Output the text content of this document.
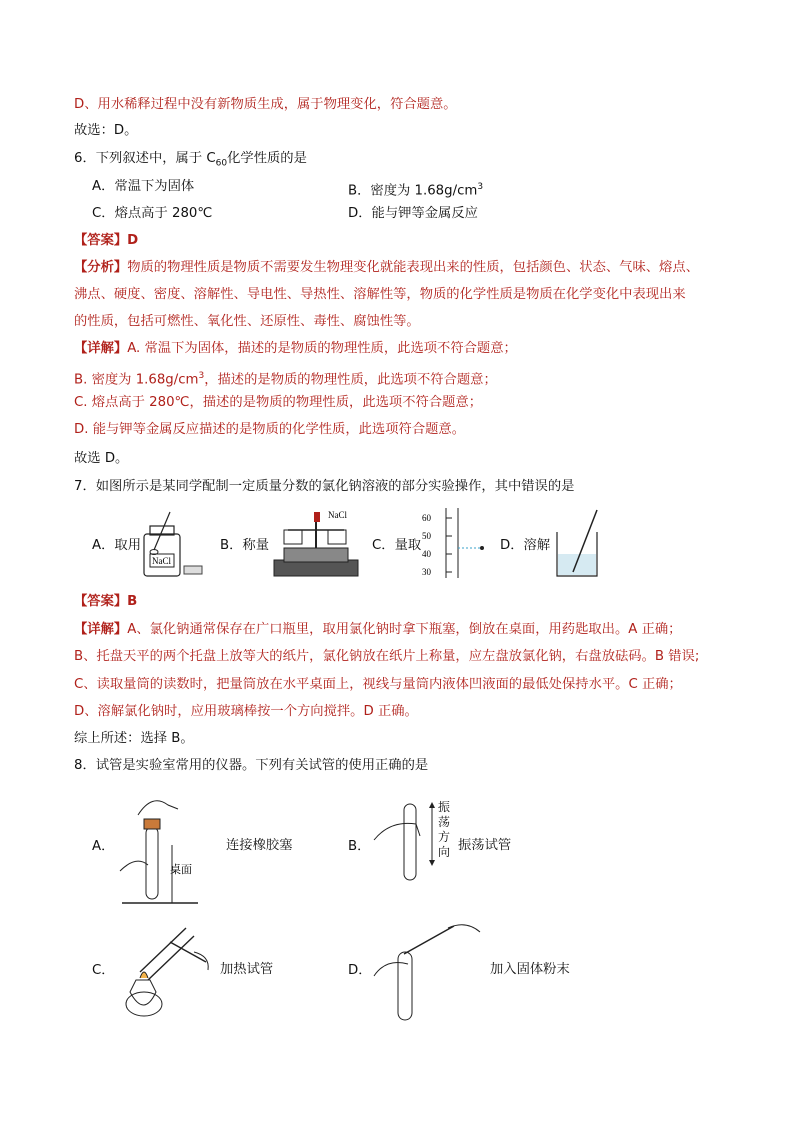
D、用水稀释过程中没有新物质生成，属于物理变化，符合题意。
故选：D。
6．下列叙述中，属于 $C_{60}$化学性质的是
A．常温下为固体	B．密度为 $1.68g/cm^3$
C．熔点高于 280℃	D．能与钾等金属反应
【答案】D
【分析】物质的物理性质是物质不需要发生物理变化就能表现出来的性质，包括颜色、状态、气味、熔点、
沸点、硬度、密度、溶解性、导电性、导热性、溶解性等，物质的化学性质是物质在化学变化中表现出来
的性质，包括可燃性、氧化性、还原性、毒性、腐蚀性等。
【详解】A. 常温下为固体，描述的是物质的物理性质，此选项不符合题意；
B. 密度为 $1.68g/cm^3$，描述的是物质的物理性质，此选项不符合题意；
C. 熔点高于 280℃，描述的是物质的物理性质，此选项不符合题意；
D. 能与钾等金属反应描述的是物质的化学性质，此选项符合题意。
故选 D。
7．如图所示是某同学配制一定质量分数的氯化钠溶液的部分实验操作，其中错误的是
A．取用
NaCl
B．称量
NaCl
C．量取
60
50
40
30
D．溶解
【答案】B
【详解】A、氯化钠通常保存在广口瓶里，取用氯化钠时拿下瓶塞，倒放在桌面，用药匙取出。A 正确；
B、托盘天平的两个托盘上放等大的纸片，氯化钠放在纸片上称量，应左盘放氯化钠，右盘放砝码。B 错误;
C、读取量筒的读数时，把量筒放在水平桌面上，视线与量筒内液体凹液面的最低处保持水平。C 正确；
D、溶解氯化钠时，应用玻璃棒按一个方向搅拌。D 正确。
综上所述：选择 B。
8．试管是实验室常用的仪器。下列有关试管的使用正确的是
A．
桌面
连接橡胶塞	B．
振
荡
方
向 振荡试管
C．	加热试管	D．	加入固体粉末
